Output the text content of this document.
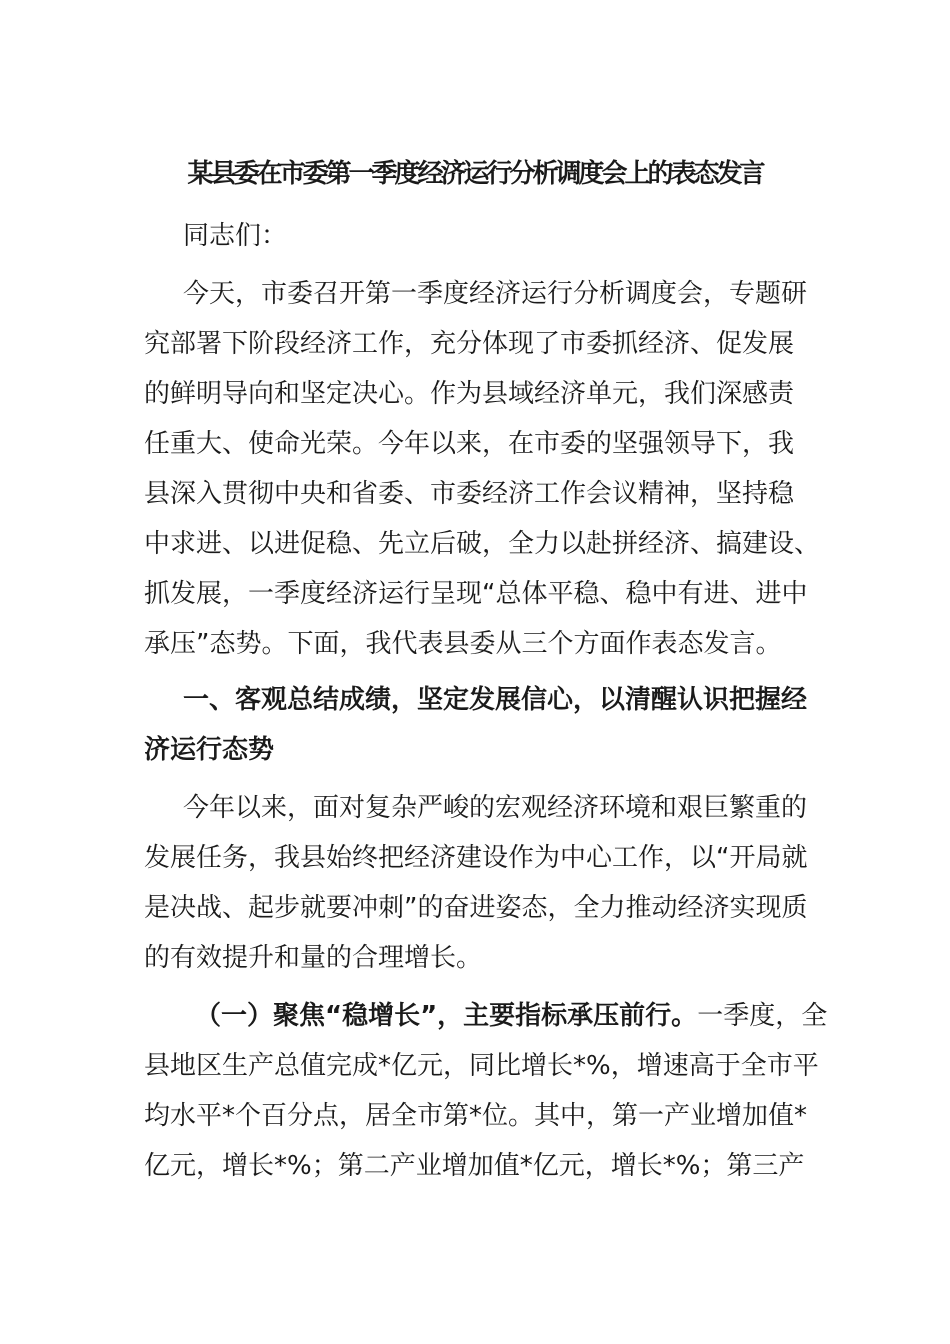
某县委在市委第一季度经济运行分析调度会上的表态发言
同志们：
今天，市委召开第一季度经济运行分析调度会，专题研
究部署下阶段经济工作，充分体现了市委抓经济、促发展
的鲜明导向和坚定决心。作为县域经济单元，我们深感责
任重大、使命光荣。今年以来，在市委的坚强领导下，我
县深入贯彻中央和省委、市委经济工作会议精神，坚持稳
中求进、以进促稳、先立后破，全力以赴拼经济、搞建设、
抓发展，一季度经济运行呈现“总体平稳、稳中有进、进中
承压”态势。下面，我代表县委从三个方面作表态发言。
一、客观总结成绩，坚定发展信心，以清醒认识把握经
济运行态势
今年以来，面对复杂严峻的宏观经济环境和艰巨繁重的
发展任务，我县始终把经济建设作为中心工作，以“开局就
是决战、起步就要冲刺”的奋进姿态，全力推动经济实现质
的有效提升和量的合理增长。
（一）聚焦“稳增长”，主要指标承压前行。一季度，全
县地区生产总值完成*亿元，同比增长*%，增速高于全市平
均水平*个百分点，居全市第*位。其中，第一产业增加值*
亿元，增长*%；第二产业增加值*亿元，增长*%；第三产
